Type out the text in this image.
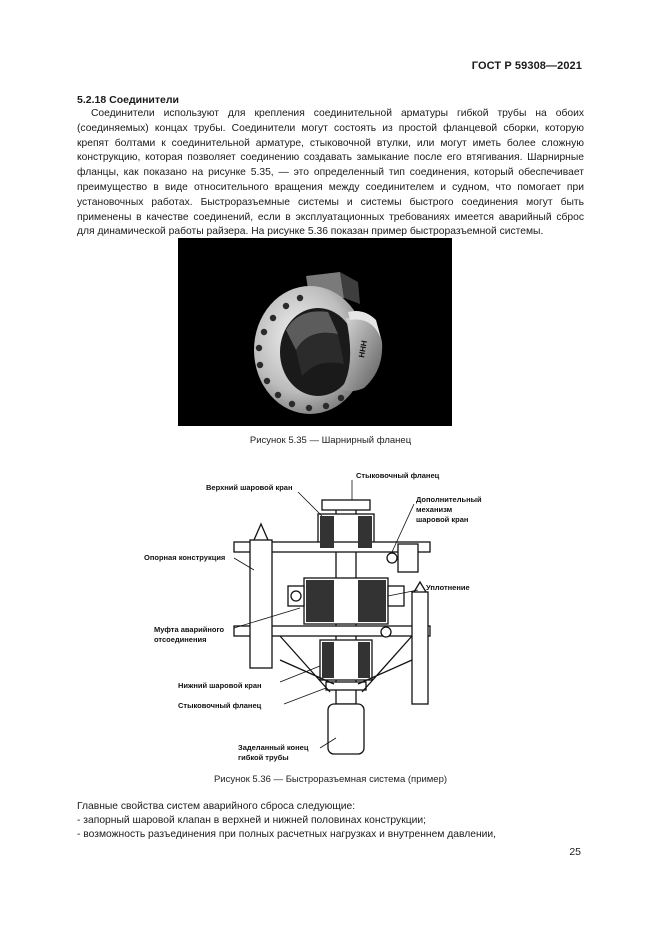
ГОСТ Р 59308—2021
5.2.18 Соединители

Соединители используют для крепления соединительной арматуры гибкой трубы на обоих (соединяемых) концах трубы. Соединители могут состоять из простой фланцевой сборки, которую крепят болтами к соединительной арматуре, стыковочной втулки, или могут иметь более сложную конструкцию, которая позволяет соединению создавать замыкание после его втягивания. Шарнирные фланцы, как показано на рисунке 5.35, — это определенный тип соединения, который обеспечивает преимущество в виде относительного вращения между соединителем и судном, что помогает при установочных работах. Быстроразъемные системы и системы быстрого соединения могут быть применены в качестве соединений, если в эксплуатационных требованиях имеется аварийный сброс для динамической работы райзера. На рисунке 5.36 показан пример быстроразъемной системы.

HHH
Рисунок 5.35 — Шарнирный фланец
Стыковочный фланец
Верхний шаровой кран
Дополнительный
механизм
шаровой кран
Опорная конструкция
Уплотнение
Муфта аварийного
отсоединения
Нижний шаровой кран
Стыковочный фланец
Заделанный конец
гибкой трубы
Рисунок 5.36 — Быстроразъемная система (пример)

Главные свойства систем аварийного сброса следующие:

- запорный шаровой клапан в верхней и нижней половинах конструкции;

- возможность разъединения при полных расчетных нагрузках и внутреннем давлении,

25
